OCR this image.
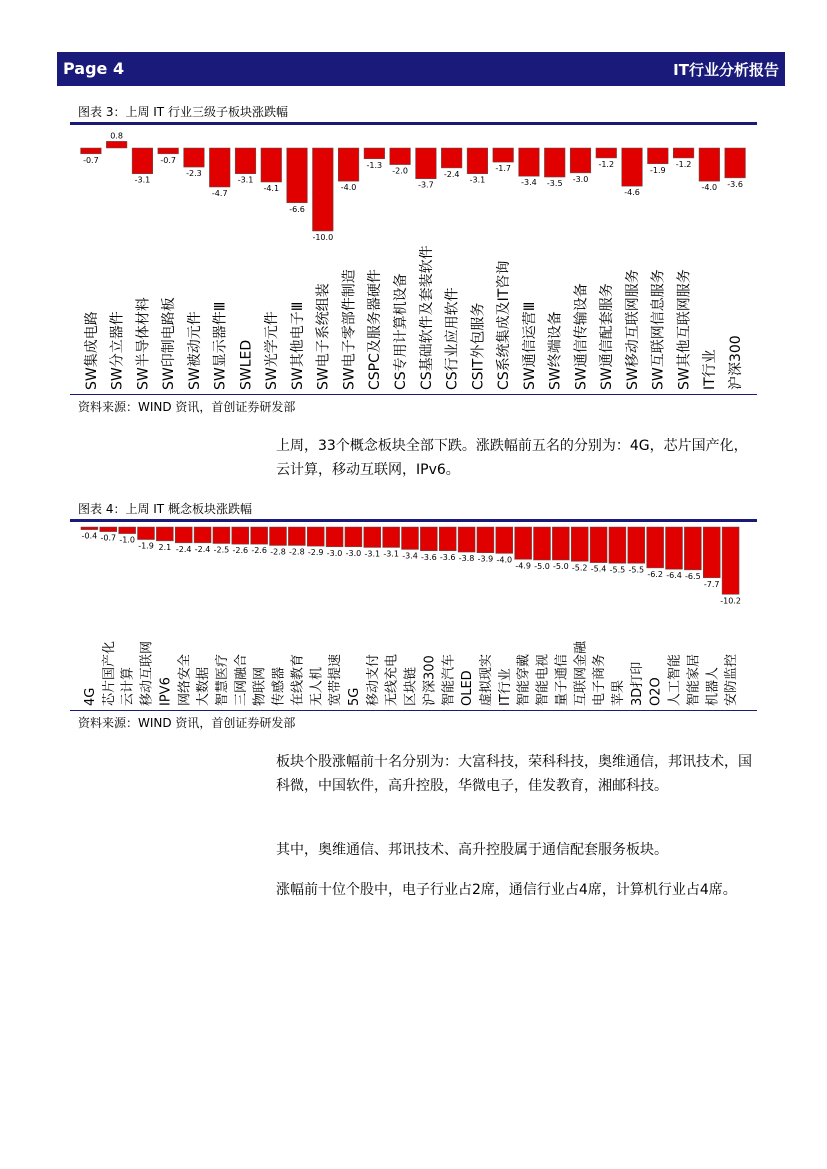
Page 4	IT行业分析报告
图表 3：上周 IT 行业三级子板块涨跌幅
-0.7
SW集成电路
0.8
SW分立器件
-3.1
SW半导体材料
-0.7
SW印制电路板
-2.3
SW被动元件
-4.7
SW显示器件Ⅲ
-3.1
SWLED
-4.1
SW光学元件
-6.6
SW其他电子Ⅲ
-10.0
SW电子系统组装
-4.0
SW电子零部件制造
-1.3
CSPC及服务器硬件
-2.0
CS专用计算机设备
-3.7
CS基础软件及套装软件
-2.4
CS行业应用软件
-3.1
CSIT外包服务
-1.7
CS系统集成及IT咨询
-3.4
SW通信运营Ⅲ
-3.5
SW终端设备
-3.0
SW通信传输设备
-1.2
SW通信配套服务
-4.6
SW移动互联网服务
-1.9
SW互联网信息服务
-1.2
SW其他互联网服务
-4.0
IT行业
-3.6
沪深300
资料来源：WIND 资讯，首创证券研发部

上周，33个概念板块全部下跌。涨跌幅前五名的分别为：4G，芯片国产化，云计算，移动互联网，IPv6。

图表 4：上周 IT 概念板块涨跌幅
-0.4
4G
-0.7
芯片国产化
-1.0
云计算
-1.9
移动互联网
2.1
IPV6
-2.4
网络安全
-2.4
大数据
-2.5
智慧医疗
-2.6
三网融合
-2.6
物联网
-2.8
传感器
-2.8
在线教育
-2.9
无人机
-3.0
宽带提速
-3.0
5G
-3.1
移动支付
-3.1
无线充电
-3.4
区块链
-3.6
沪深300
-3.6
智能汽车
-3.8
OLED
-3.9
虚拟现实
-4.0
IT行业
-4.9
智能穿戴
-5.0
智能电视
-5.0
量子通信
-5.2
互联网金融
-5.4
电子商务
-5.5
苹果
-5.5
3D打印
-6.2
O2O
-6.4
人工智能
-6.5
智能家居
-7.7
机器人
-10.2
安防监控
资料来源：WIND 资讯，首创证券研发部

板块个股涨幅前十名分别为：大富科技，荣科科技，奥维通信，邦讯技术，国科微，中国软件，高升控股，华微电子，佳发教育，湘邮科技。

其中，奥维通信、邦讯技术、高升控股属于通信配套服务板块。

涨幅前十位个股中，电子行业占2席，通信行业占4席，计算机行业占4席。
